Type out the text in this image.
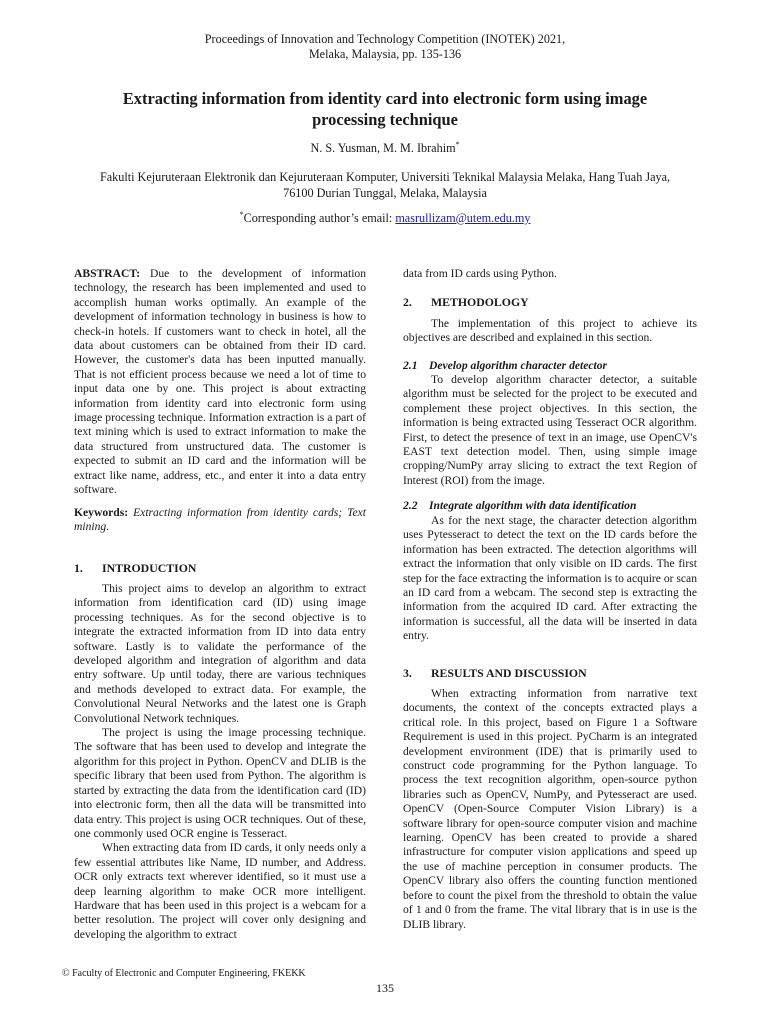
Proceedings of Innovation and Technology Competition (INOTEK) 2021,
Melaka, Malaysia, pp. 135-136
Extracting information from identity card into electronic form using image
processing technique
N. S. Yusman, M. M. Ibrahim*
Fakulti Kejuruteraan Elektronik dan Kejuruteraan Komputer, Universiti Teknikal Malaysia Melaka, Hang Tuah Jaya,
76100 Durian Tunggal, Melaka, Malaysia
*Corresponding author’s email: masrullizam@utem.edu.my

ABSTRACT: Due to the development of information technology, the research has been implemented and used to accomplish human works optimally. An example of the development of information technology in business is how to check-in hotels. If customers want to check in hotel, all the data about customers can be obtained from their ID card. However, the customer's data has been inputted manually. That is not efficient process because we need a lot of time to input data one by one. This project is about extracting information from identity card into electronic form using image processing technique. Information extraction is a part of text mining which is used to extract information to make the data structured from unstructured data. The customer is expected to submit an ID card and the information will be extract like name, address, etc., and enter it into a data entry software.

Keywords: Extracting information from identity cards; Text mining.

1. INTRODUCTION

This project aims to develop an algorithm to extract information from identification card (ID) using image processing techniques. As for the second objective is to integrate the extracted information from ID into data entry software. Lastly is to validate the performance of the developed algorithm and integration of algorithm and data entry software. Up until today, there are various techniques and methods developed to extract data. For example, the Convolutional Neural Networks and the latest one is Graph Convolutional Network techniques.

The project is using the image processing technique. The software that has been used to develop and integrate the algorithm for this project in Python. OpenCV and DLIB is the specific library that been used from Python. The algorithm is started by extracting the data from the identification card (ID) into electronic form, then all the data will be transmitted into data entry. This project is using OCR techniques. Out of these, one commonly used OCR engine is Tesseract.

When extracting data from ID cards, it only needs only a few essential attributes like Name, ID number, and Address. OCR only extracts text wherever identified, so it must use a deep learning algorithm to make OCR more intelligent. Hardware that has been used in this project is a webcam for a better resolution. The project will cover only designing and developing the algorithm to extract

data from ID cards using Python.

2. METHODOLOGY

The implementation of this project to achieve its objectives are described and explained in this section.

2.1 Develop algorithm character detector

To develop algorithm character detector, a suitable algorithm must be selected for the project to be executed and complement these project objectives. In this section, the information is being extracted using Tesseract OCR algorithm. First, to detect the presence of text in an image, use OpenCV's EAST text detection model. Then, using simple image cropping/NumPy array slicing to extract the text Region of Interest (ROI) from the image.

2.2 Integrate algorithm with data identification

As for the next stage, the character detection algorithm uses Pytesseract to detect the text on the ID cards before the information has been extracted. The detection algorithms will extract the information that only visible on ID cards. The first step for the face extracting the information is to acquire or scan an ID card from a webcam. The second step is extracting the information from the acquired ID card. After extracting the information is successful, all the data will be inserted in data entry.

3. RESULTS AND DISCUSSION

When extracting information from narrative text documents, the context of the concepts extracted plays a critical role. In this project, based on Figure 1 a Software Requirement is used in this project. PyCharm is an integrated development environment (IDE) that is primarily used to construct code programming for the Python language. To process the text recognition algorithm, open-source python libraries such as OpenCV, NumPy, and Pytesseract are used. OpenCV (Open-Source Computer Vision Library) is a software library for open-source computer vision and machine learning. OpenCV has been created to provide a shared infrastructure for computer vision applications and speed up the use of machine perception in consumer products. The OpenCV library also offers the counting function mentioned before to count the pixel from the threshold to obtain the value of 1 and 0 from the frame. The vital library that is in use is the DLIB library.

© Faculty of Electronic and Computer Engineering, FKEKK
135
